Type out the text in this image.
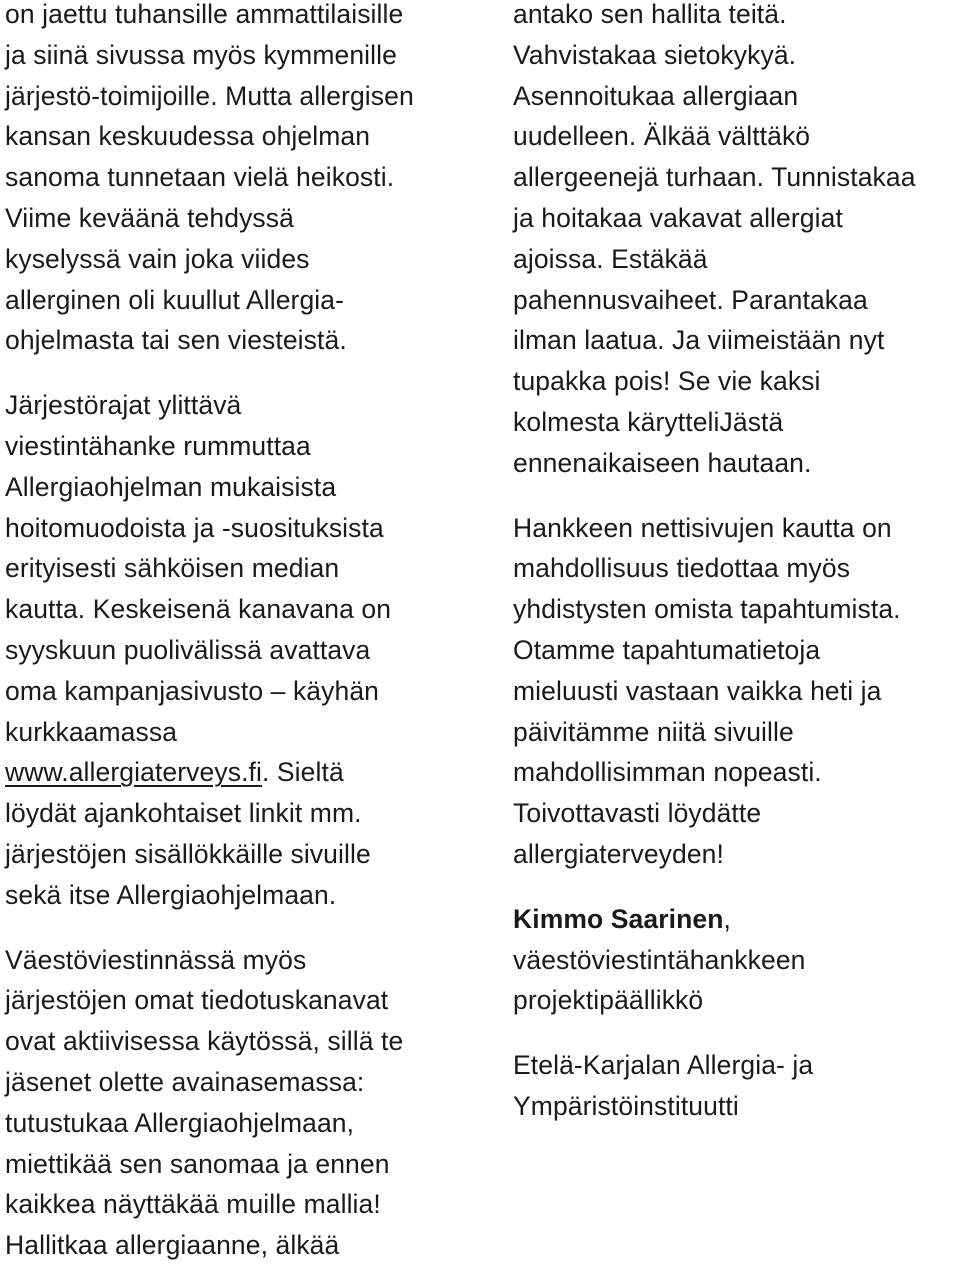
on jaettu tuhansille ammattilaisille
ja siinä sivussa myös kymmenille
järjestö-toimijoille. Mutta allergisen
kansan keskuudessa ohjelman
sanoma tunnetaan vielä heikosti.
Viime keväänä tehdyssä
kyselyssä vain joka viides
allerginen oli kuullut Allergia-
ohjelmasta tai sen viesteistä.
Järjestörajat ylittävä
viestintähanke rummuttaa
Allergiaohjelman mukaisista
hoitomuodoista ja -suosituksista
erityisesti sähköisen median
kautta. Keskeisenä kanavana on
syyskuun puolivälissä avattava
oma kampanjasivusto – käyhän
kurkkaamassa
www.allergiaterveys.fi. Sieltä
löydät ajankohtaiset linkit mm.
järjestöjen sisällökkäille sivuille
sekä itse Allergiaohjelmaan.
Väestöviestinnässä myös
järjestöjen omat tiedotuskanavat
ovat aktiivisessa käytössä, sillä te
jäsenet olette avainasemassa:
tutustukaa Allergiaohjelmaan,
miettikää sen sanomaa ja ennen
kaikkea näyttäkää muille mallia!
Hallitkaa allergiaanne, älkää
antako sen hallita teitä.
Vahvistakaa sietokykyä.
Asennoitukaa allergiaan
uudelleen. Älkää välttäkö
allergeenejä turhaan. Tunnistakaa
ja hoitakaa vakavat allergiat
ajoissa. Estäkää
pahennusvaiheet. Parantakaa
ilman laatua. Ja viimeistään nyt
tupakka pois! Se vie kaksi
kolmesta kärytteliJästä
ennenaikaiseen hautaan.
Hankkeen nettisivujen kautta on
mahdollisuus tiedottaa myös
yhdistysten omista tapahtumista.
Otamme tapahtumatietoja
mieluusti vastaan vaikka heti ja
päivitämme niitä sivuille
mahdollisimman nopeasti.
Toivottavasti löydätte
allergiaterveyden!
Kimmo Saarinen,
väestöviestintähankkeen
projektipäällikkö
Etelä-Karjalan Allergia- ja
Ympäristöinstituutti
